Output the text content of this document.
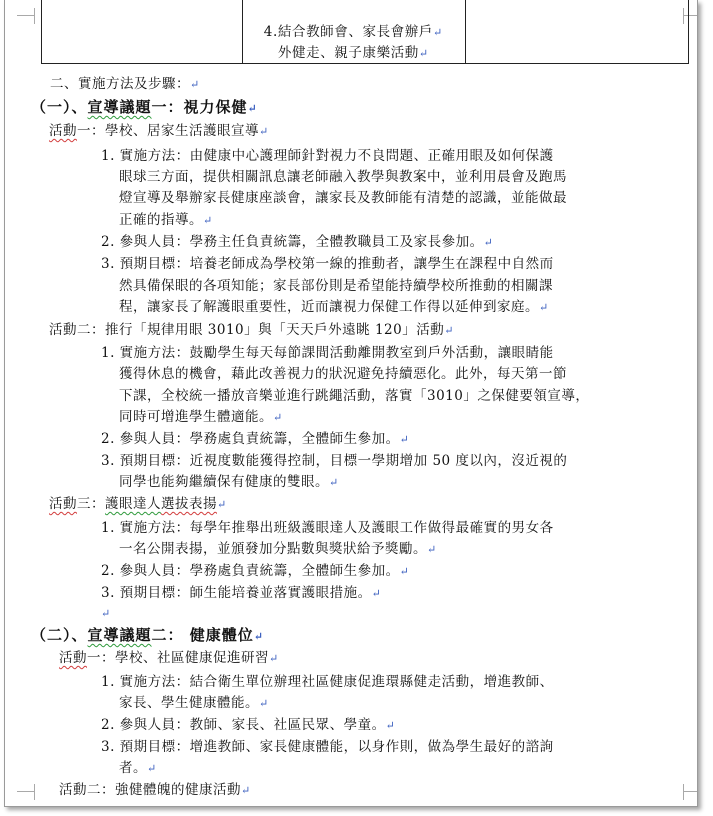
4.結合教師會、家長會辦戶↵
外健走、親子康樂活動↵
二、實施方法及步驟：↵
（一）、宣導議題一：視力保健↵
活動一：學校、居家生活護眼宣導↵
1. 實施方法：由健康中心護理師針對視力不良問題、正確用眼及如何保護
眼球三方面，提供相關訊息讓老師融入教學與教案中，並利用晨會及跑馬
燈宣導及舉辦家長健康座談會，讓家長及教師能有清楚的認識，並能做最
正確的指導。↵
2. 參與人員：學務主任負責統籌，全體教職員工及家長參加。↵
3. 預期目標：培養老師成為學校第一線的推動者，讓學生在課程中自然而
然具備保眼的各項知能；家長部份則是希望能持續學校所推動的相關課
程，讓家長了解護眼重要性，近而讓視力保健工作得以延伸到家庭。↵
活動二：推行「規律用眼 3010」與「天天戶外遠眺 120」活動↵
1. 實施方法：鼓勵學生每天每節課間活動離開教室到戶外活動，讓眼睛能
獲得休息的機會，藉此改善視力的狀況避免持續惡化。此外，每天第一節
下課，全校統一播放音樂並進行跳繩活動，落實「3010」之保健要領宣導，
同時可增進學生體適能。↵
2. 參與人員：學務處負責統籌，全體師生參加。↵
3. 預期目標：近視度數能獲得控制，目標一學期增加 50 度以內，沒近視的
同學也能夠繼續保有健康的雙眼。↵
活動三：護眼達人選拔表揚↵
1. 實施方法：每學年推舉出班級護眼達人及護眼工作做得最確實的男女各
一名公開表揚，並頒發加分點數與獎狀給予獎勵。↵
2. 參與人員：學務處負責統籌，全體師生參加。↵
3. 預期目標：師生能培養並落實護眼措施。↵
↵
（二）、宣導議題二： 健康體位↵
活動一：學校、社區健康促進研習↵
1. 實施方法：結合衛生單位辦理社區健康促進環縣健走活動，增進教師、
家長、學生健康體能。↵
2. 參與人員：教師、家長、社區民眾、學童。↵
3. 預期目標：增進教師、家長健康體能，以身作則，做為學生最好的諮詢
者。↵
活動二：強健體魄的健康活動↵
